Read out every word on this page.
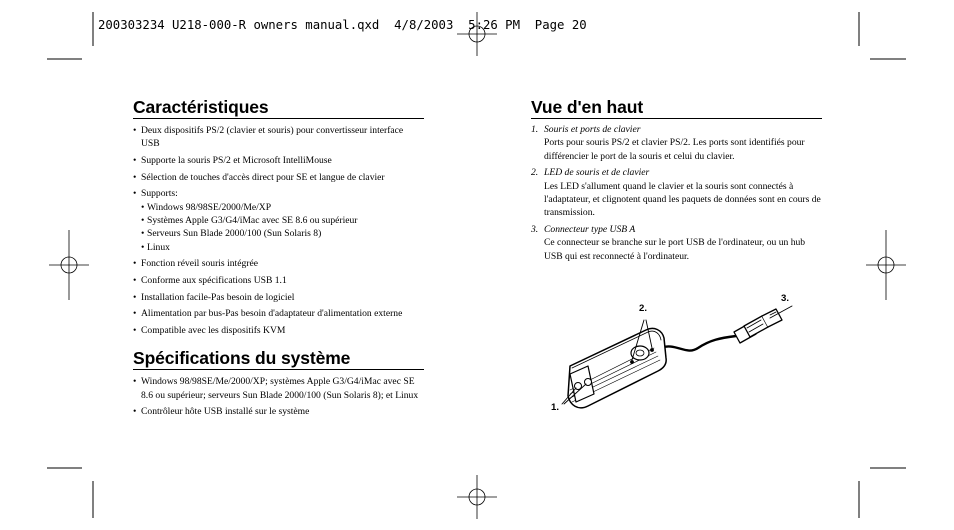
200303234 U218-000-R owners manual.qxd  4/8/2003  5:26 PM  Page 20
Caractéristiques
• Deux dispositifs PS/2 (clavier et souris) pour convertisseur interface USB
• Supporte la souris PS/2 et Microsoft IntelliMouse
• Sélection de touches d'accès direct pour SE et langue de clavier
• Supports:
• Windows 98/98SE/2000/Me/XP
• Systèmes Apple G3/G4/iMac avec SE 8.6 ou supérieur
• Serveurs Sun Blade 2000/100 (Sun Solaris 8)
• Linux
• Fonction réveil souris intégrée
• Conforme aux spécifications USB 1.1
• Installation facile-Pas besoin de logiciel
• Alimentation par bus-Pas besoin d'adaptateur d'alimentation externe
• Compatible avec les dispositifs KVM
Spécifications du système
• Windows 98/98SE/Me/2000/XP; systèmes Apple G3/G4/iMac avec SE 8.6 ou supérieur; serveurs Sun Blade 2000/100 (Sun Solaris 8); et Linux
• Contrôleur hôte USB installé sur le système
Vue d'en haut
1. Souris et ports de clavier
Ports pour souris PS/2 et clavier PS/2. Les ports sont identifiés pour différencier le port de la souris et celui du clavier.
2. LED de souris et de clavier
Les LED s'allument quand le clavier et la souris sont connectés à l'adaptateur, et clignotent quand les paquets de données sont en cours de transmission.
3. Connecteur type USB A
Ce connecteur se branche sur le port USB de l'ordinateur, ou un hub USB qui est reconnecté à l'ordinateur.
2.
3.
1.
